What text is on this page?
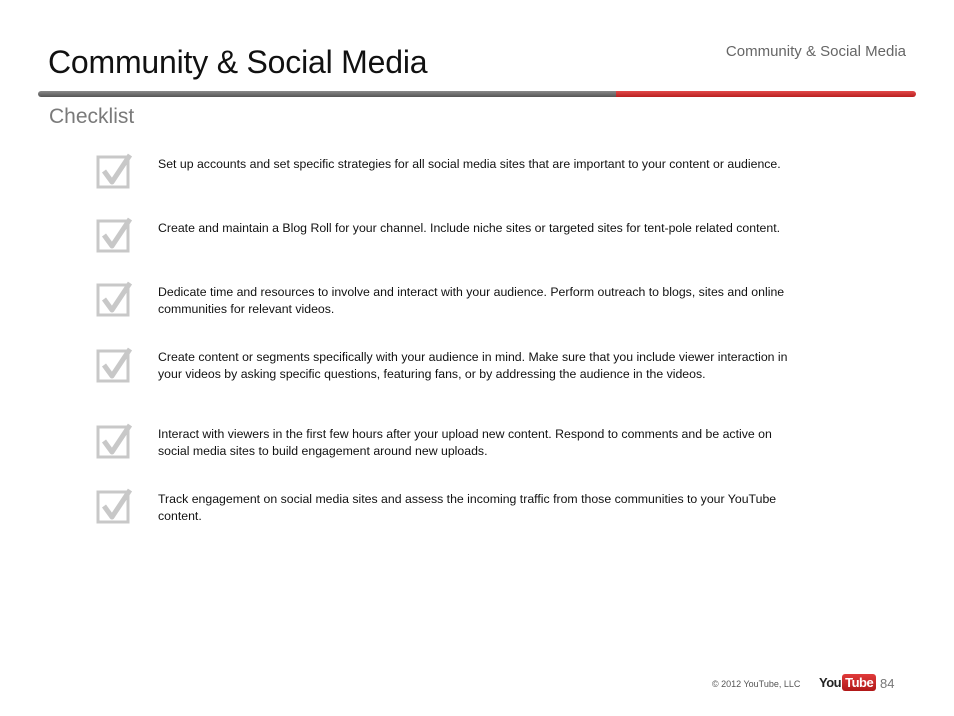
Community & Social Media	Community & Social Media
Checklist
Set up accounts and set specific strategies for all social media sites that are important to your content or audience.
Create and maintain a Blog Roll for your channel. Include niche sites or targeted sites for tent-pole related content.
Dedicate time and resources to involve and interact with your audience. Perform outreach to blogs, sites and online communities for relevant videos.
Create content or segments specifically with your audience in mind. Make sure that you include viewer interaction in your videos by asking specific questions, featuring fans, or by addressing the audience in the videos.
Interact with viewers in the first few hours after your upload new content. Respond to comments and be active on social media sites to build engagement around new uploads.
Track engagement on social media sites and assess the incoming traffic from those communities to your YouTube content.
© 2012 YouTube, LLC You Tube 84
